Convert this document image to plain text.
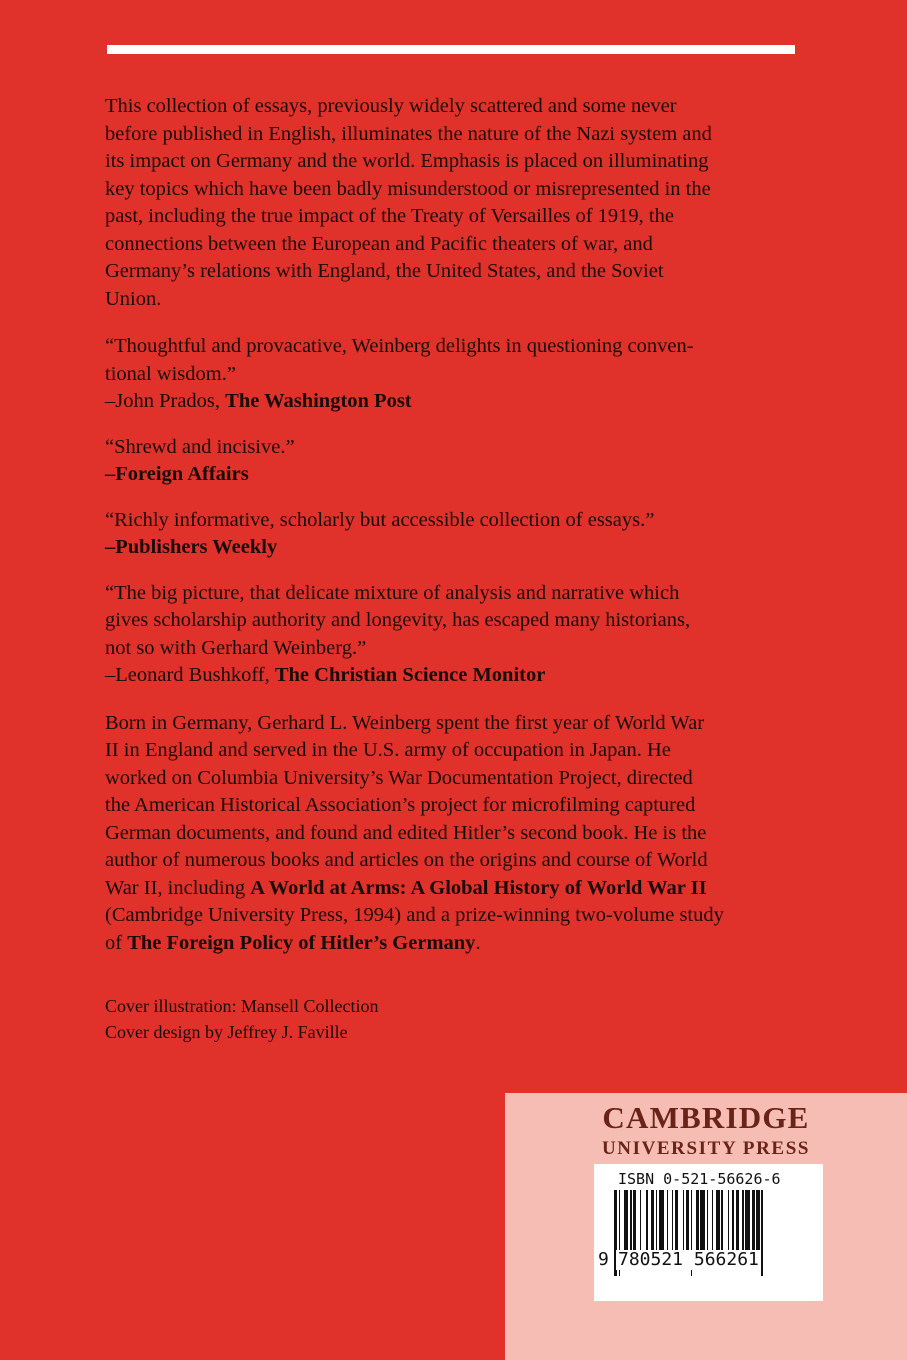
This collection of essays, previously widely scattered and some never
before published in English, illuminates the nature of the Nazi system and
its impact on Germany and the world. Emphasis is placed on illuminating
key topics which have been badly misunderstood or misrepresented in the
past, including the true impact of the Treaty of Versailles of 1919, the
connections between the European and Pacific theaters of war, and
Germany’s relations with England, the United States, and the Soviet
Union.

“Thoughtful and provacative, Weinberg delights in questioning conven-
tional wisdom.”
–John Prados, The Washington Post

“Shrewd and incisive.”
–Foreign Affairs

“Richly informative, scholarly but accessible collection of essays.”
–Publishers Weekly

“The big picture, that delicate mixture of analysis and narrative which
gives scholarship authority and longevity, has escaped many historians,
not so with Gerhard Weinberg.”
–Leonard Bushkoff, The Christian Science Monitor

Born in Germany, Gerhard L. Weinberg spent the first year of World War
II in England and served in the U.S. army of occupation in Japan. He
worked on Columbia University’s War Documentation Project, directed
the American Historical Association’s project for microfilming captured
German documents, and found and edited Hitler’s second book. He is the
author of numerous books and articles on the origins and course of World
War II, including A World at Arms: A Global History of World War II
(Cambridge University Press, 1994) and a prize-winning two-volume study
of The Foreign Policy of Hitler’s Germany.

Cover illustration: Mansell Collection
Cover design by Jeffrey J. Faville
CAMBRIDGE
UNIVERSITY PRESS
ISBN 0-521-56626-6
9 780521 566261
